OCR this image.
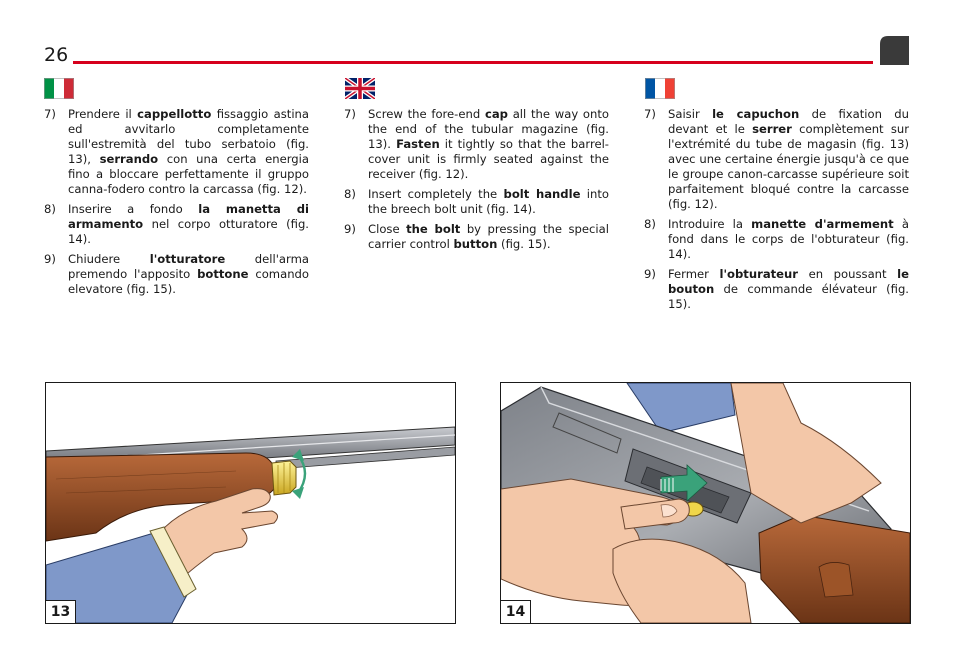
26
7)	Prendere il cappellotto fissaggio astina ed avvitarlo completamente sull'estremità del tubo serbatoio (fig. 13), serrando con una certa energia fino a bloccare perfettamente il gruppo canna-fodero contro la carcassa (fig. 12).
8)	Inserire a fondo la manetta di armamento nel corpo otturatore (fig. 14).
9)	Chiudere l'otturatore dell'arma premendo l'apposito bottone comando elevatore (fig. 15).
7)	Screw the fore-end cap all the way onto the end of the tubular magazine (fig. 13). Fasten it tightly so that the barrel-cover unit is firmly seated against the receiver (fig. 12).
8)	Insert completely the bolt handle into the breech bolt unit (fig. 14).
9)	Close the bolt by pressing the special carrier control button (fig. 15).
7)	Saisir le capuchon de fixation du devant et le serrer complètement sur l'extrémité du tube de magasin (fig. 13) avec une certaine énergie jusqu'à ce que le groupe canon-carcasse supérieure soit parfaitement bloqué contre la carcasse (fig. 12).
8)	Introduire la manette d'armement à fond dans le corps de l'obturateur (fig. 14).
9)	Fermer l'obturateur en poussant le bouton de commande élévateur (fig. 15).
13	14
